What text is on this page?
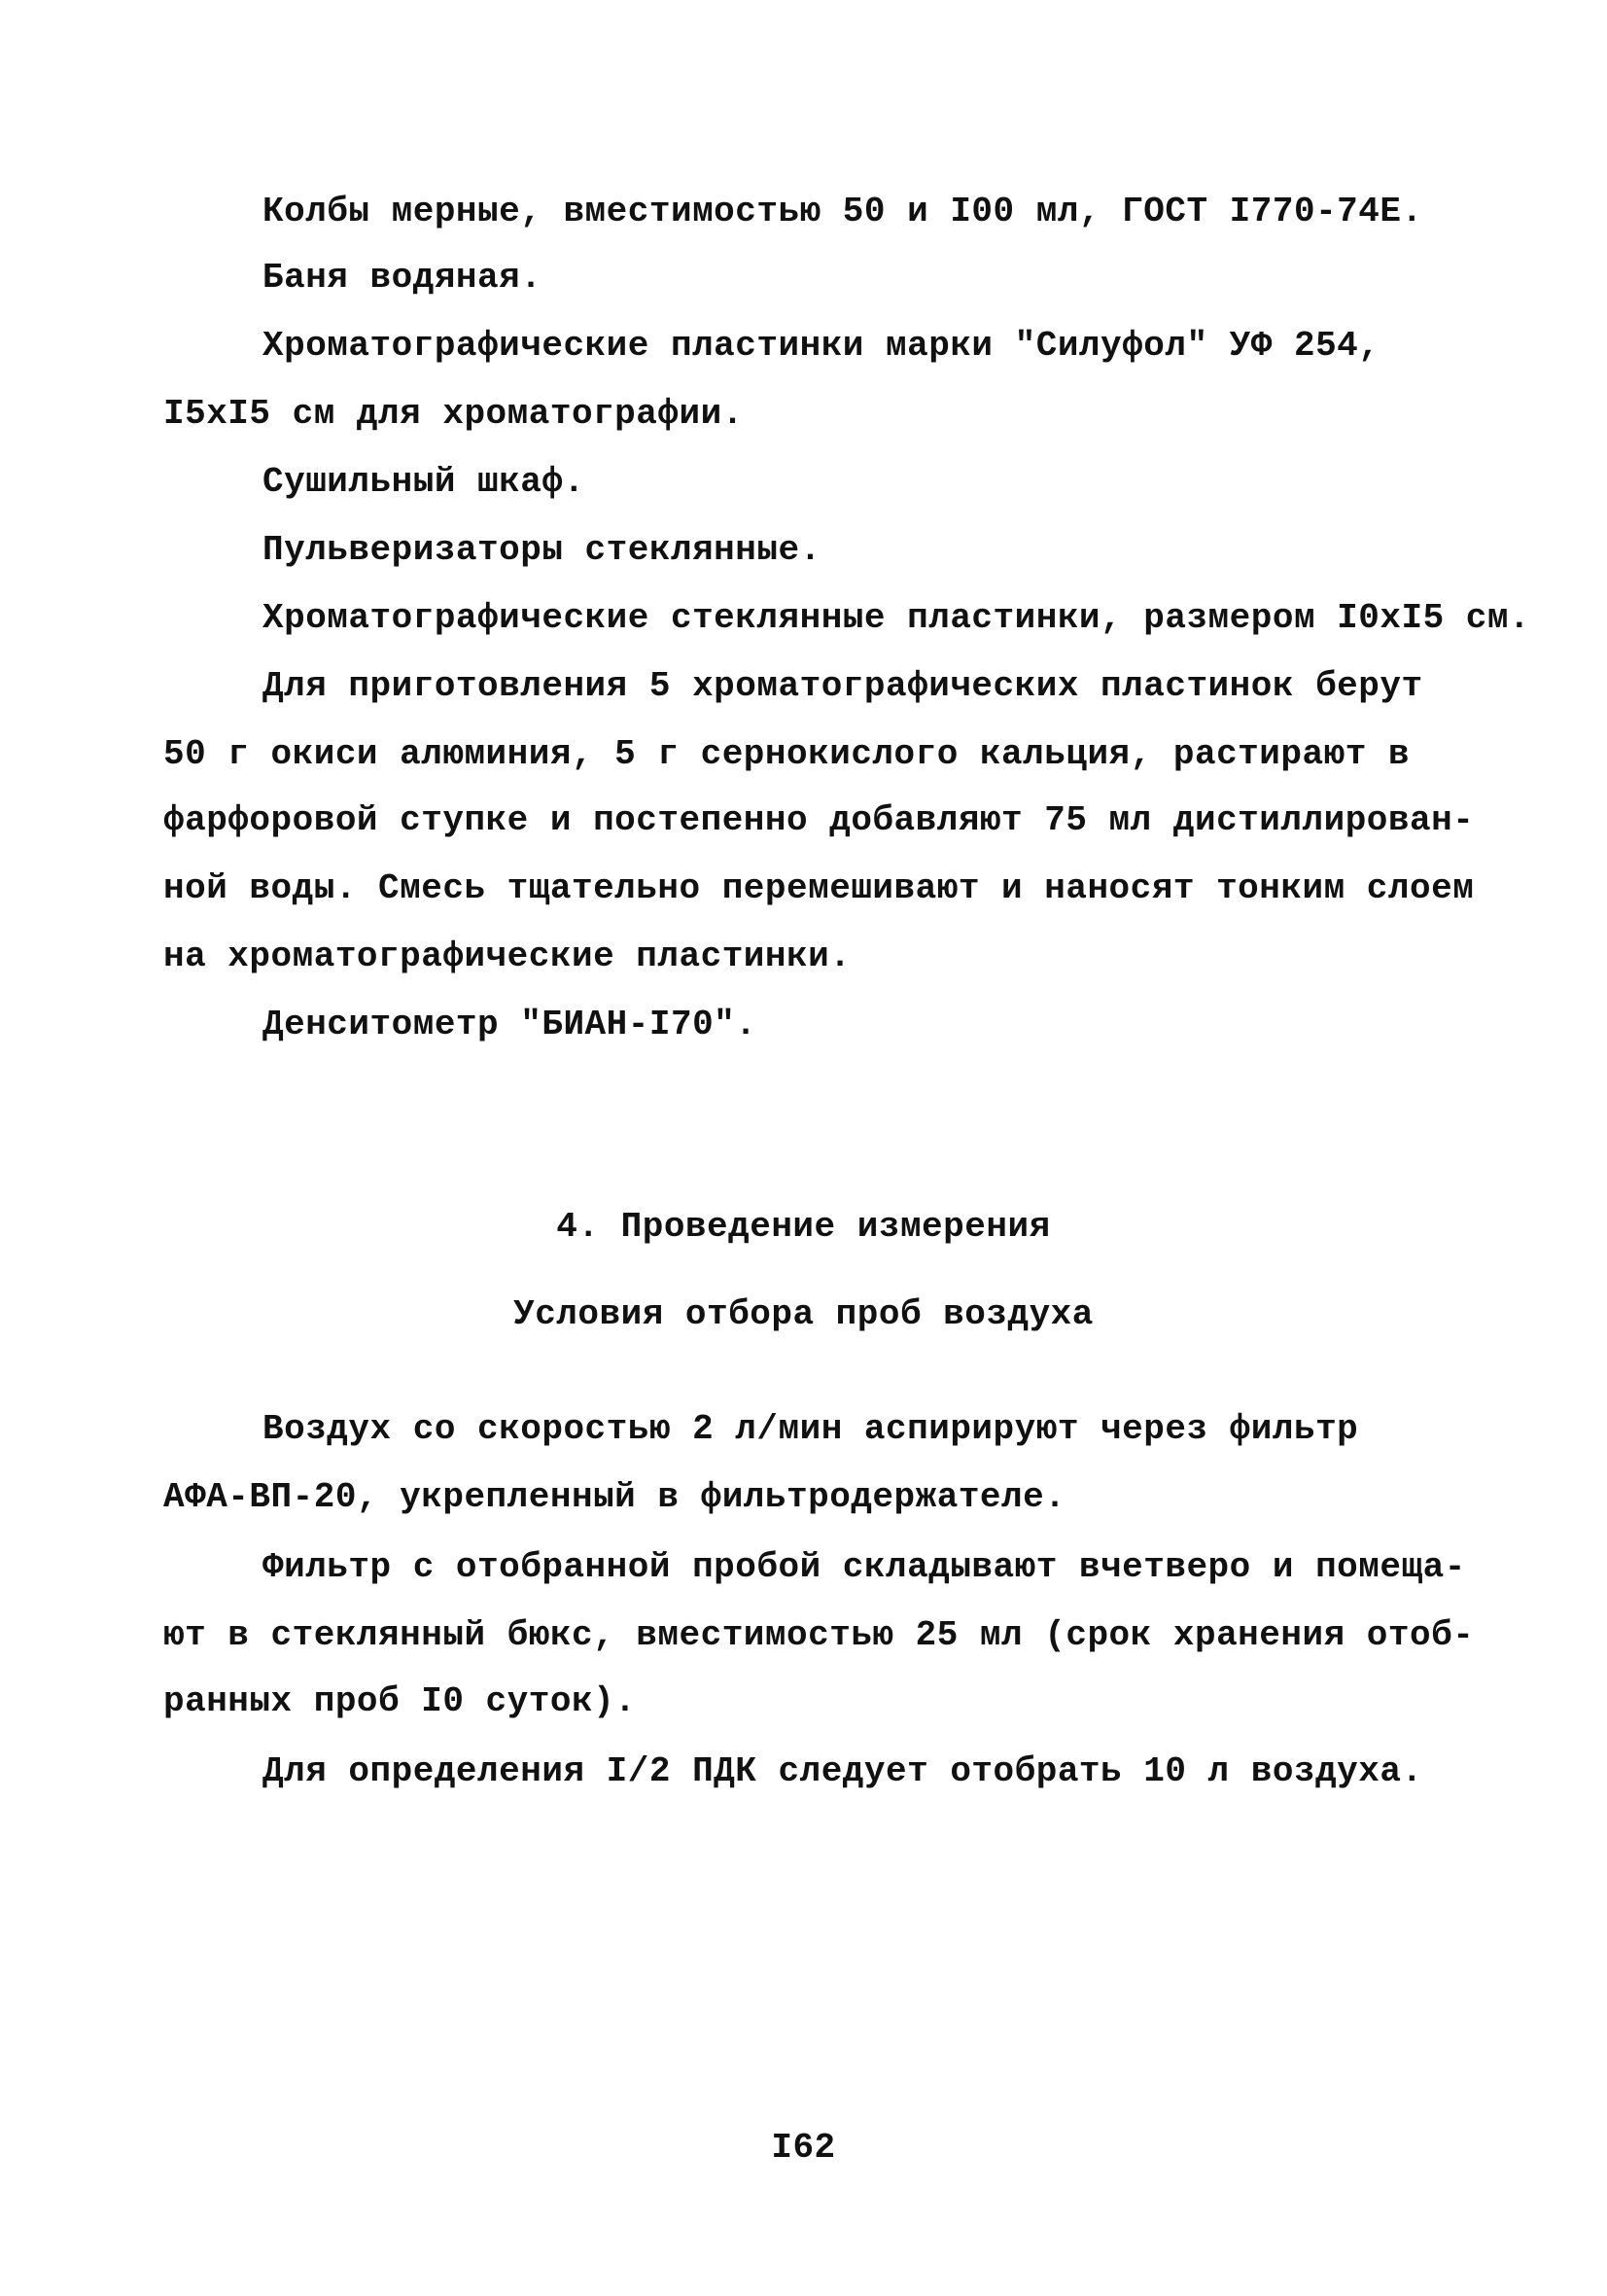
Колбы мерные, вместимостью 50 и I00 мл, ГОСТ I770-74Е.
Баня водяная.
Хроматографические пластинки марки "Силуфол" УФ 254,
I5хI5 см для хроматографии.
Сушильный шкаф.
Пульверизаторы стеклянные.
Хроматографические стеклянные пластинки, размером I0хI5 см.
Для приготовления 5 хроматографических пластинок берут
50 г окиси алюминия, 5 г сернокислого кальция, растирают в
фарфоровой ступке и постепенно добавляют 75 мл дистиллирован-
ной воды. Смесь тщательно перемешивают и наносят тонким слоем
на хроматографические пластинки.
Денситометр "БИАН-I70".
4. Проведение измерения
Условия отбора проб воздуха
Воздух со скоростью 2 л/мин аспирируют через фильтр
АФА-ВП-20, укрепленный в фильтродержателе.
Фильтр с отобранной пробой складывают вчетверо и помеща-
ют в стеклянный бюкс, вместимостью 25 мл (срок хранения отоб-
ранных проб I0 суток).
Для определения I/2 ПДК следует отобрать 10 л воздуха.
I62
